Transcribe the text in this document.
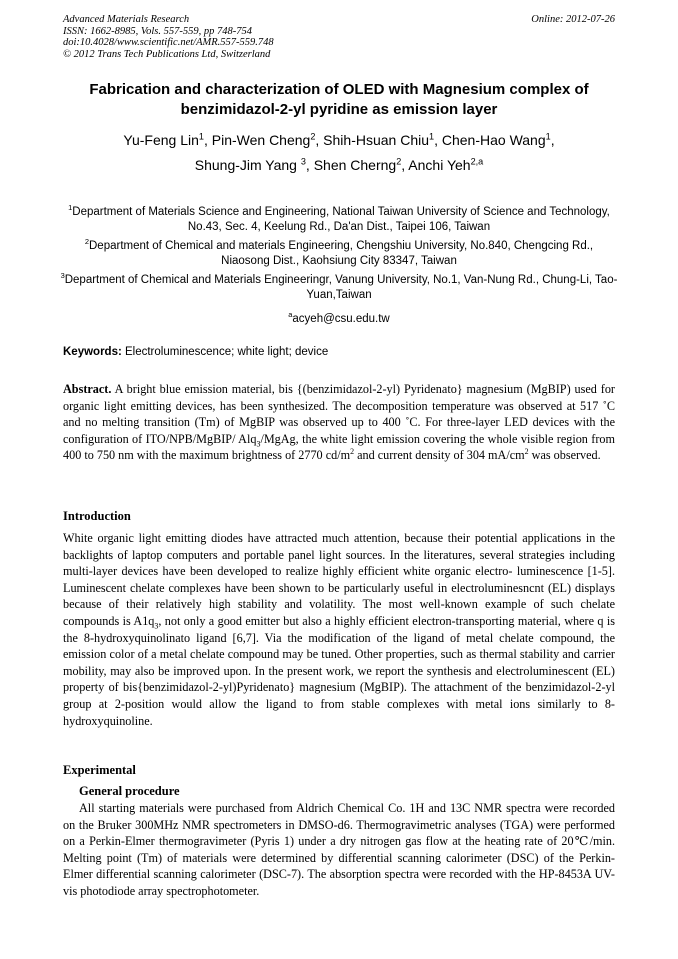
Advanced Materials Research
ISSN: 1662-8985, Vols. 557-559, pp 748-754
doi:10.4028/www.scientific.net/AMR.557-559.748
© 2012 Trans Tech Publications Ltd, Switzerland
Online: 2012-07-26
Fabrication and characterization of OLED with Magnesium complex of benzimidazol-2-yl pyridine as emission layer
Yu-Feng Lin$^1$, Pin-Wen Cheng$^2$, Shih-Hsuan Chiu$^1$, Chen-Hao Wang$^1$,
Shung-Jim Yang $^3$, Shen Cherng$^2$, Anchi Yeh$^{2,a}$
$^1$Department of Materials Science and Engineering, National Taiwan University of Science and Technology, No.43, Sec. 4, Keelung Rd., Da'an Dist., Taipei 106, Taiwan
$^2$Department of Chemical and materials Engineering, Chengshiu University, No.840, Chengcing Rd., Niaosong Dist., Kaohsiung City 83347, Taiwan
$^3$Department of Chemical and Materials Engineeringr, Vanung University, No.1, Van-Nung Rd., Chung-Li, Tao-Yuan,Taiwan
$^a$acyeh@csu.edu.tw
Keywords: Electroluminescence; white light; device

Abstract. A bright blue emission material, bis {(benzimidazol-2-yl) Pyridenato} magnesium (MgBIP) used for organic light emitting devices, has been synthesized. The decomposition temperature was observed at 517 ˚C and no melting transition (Tm) of MgBIP was observed up to 400 ˚C. For three-layer LED devices with the configuration of ITO/NPB/MgBIP/ Alq$_3$/MgAg, the white light emission covering the whole visible region from 400 to 750 nm with the maximum brightness of 2770 $cd/m^2$ and current density of 304 $mA/cm^2$ was observed.

Introduction

White organic light emitting diodes have attracted much attention, because their potential applications in the backlights of laptop computers and portable panel light sources. In the literatures, several strategies including multi-layer devices have been developed to realize highly efficient white organic electro- luminescence [1-5]. Luminescent chelate complexes have been shown to be particularly useful in electroluminesncnt (EL) displays because of their relatively high stability and volatility. The most well-known example of such chelate compounds is $A1q_3$, not only a good emitter but also a highly efficient electron-transporting material, where q is the 8-hydroxyquinolinato ligand [6,7]. Via the modification of the ligand of metal chelate compound, the emission color of a metal chelate compound may be tuned. Other properties, such as thermal stability and carrier mobility, may also be improved upon. In the present work, we report the synthesis and electroluminescent (EL) property of bis{benzimidazol-2-yl)Pyridenato} magnesium (MgBIP). The attachment of the benzimidazol-2-yl group at 2-position would allow the ligand to from stable complexes with metal ions similarly to 8-hydroxyquinoline.

Experimental
General procedure

All starting materials were purchased from Aldrich Chemical Co. 1H and 13C NMR spectra were recorded on the Bruker 300MHz NMR spectrometers in DMSO-d6. Thermogravimetric analyses (TGA) were performed on a Perkin-Elmer thermogravimeter (Pyris 1) under a dry nitrogen gas flow at the heating rate of 20℃/min. Melting point (Tm) of materials were determined by differential scanning calorimeter (DSC) of the Perkin- Elmer differential scanning calorimeter (DSC-7). The absorption spectra were recorded with the HP-8453A UV-vis photodiode array spectrophotometer.
